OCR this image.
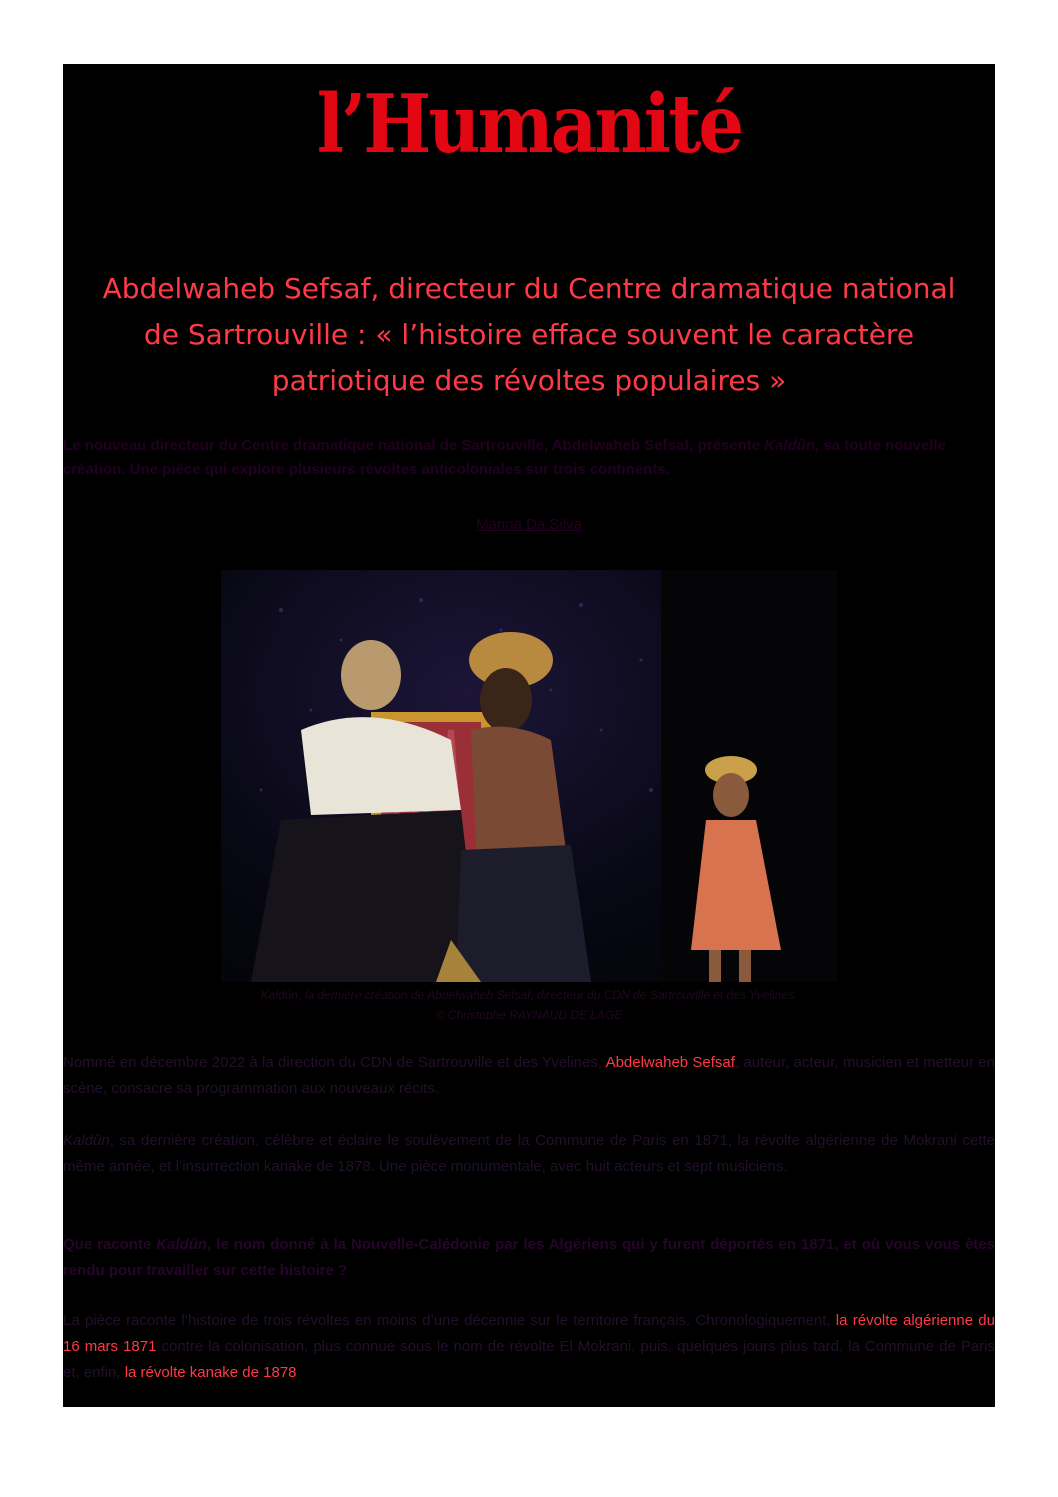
l’Humanité
Abdelwaheb Sefsaf, directeur du Centre dramatique national de Sartrouville : « l’histoire efface souvent le caractère patriotique des révoltes populaires »

Le nouveau directeur du Centre dramatique national de Sartrouville, Abdelwaheb Sefsaf, présente Kaldûn, sa toute nouvelle création. Une pièce qui explore plusieurs révoltes anticoloniales sur trois continents.

Marina Da Silva
Kaldûn, la dernière création de Abdelwaheb Sefsaf, directeur du CDN de Sartrouville et des Yvelines.
© Christophe RAYNAUD DE LAGE

Nommé en décembre 2022 à la direction du CDN de Sartrouville et des Yvelines, Abdelwaheb Sefsaf, auteur, acteur, musicien et metteur en scène, consacre sa programmation aux nouveaux récits.

Kaldûn, sa dernière création, célèbre et éclaire le soulèvement de la Commune de Paris en 1871, la révolte algérienne de Mokrani cette même année, et l’insurrection kanake de 1878. Une pièce monumentale, avec huit acteurs et sept musiciens.

Que raconte Kaldûn, le nom donné à la Nouvelle-Calédonie par les Algériens qui y furent déportés en 1871, et où vous vous êtes rendu pour travailler sur cette histoire ?

La pièce raconte l’histoire de trois révoltes en moins d’une décennie sur le territoire français. Chronologiquement, la révolte algérienne du 16 mars 1871 contre la colonisation, plus connue sous le nom de révolte El Mokrani, puis, quelques jours plus tard, la Commune de Paris et, enfin, la révolte kanake de 1878
